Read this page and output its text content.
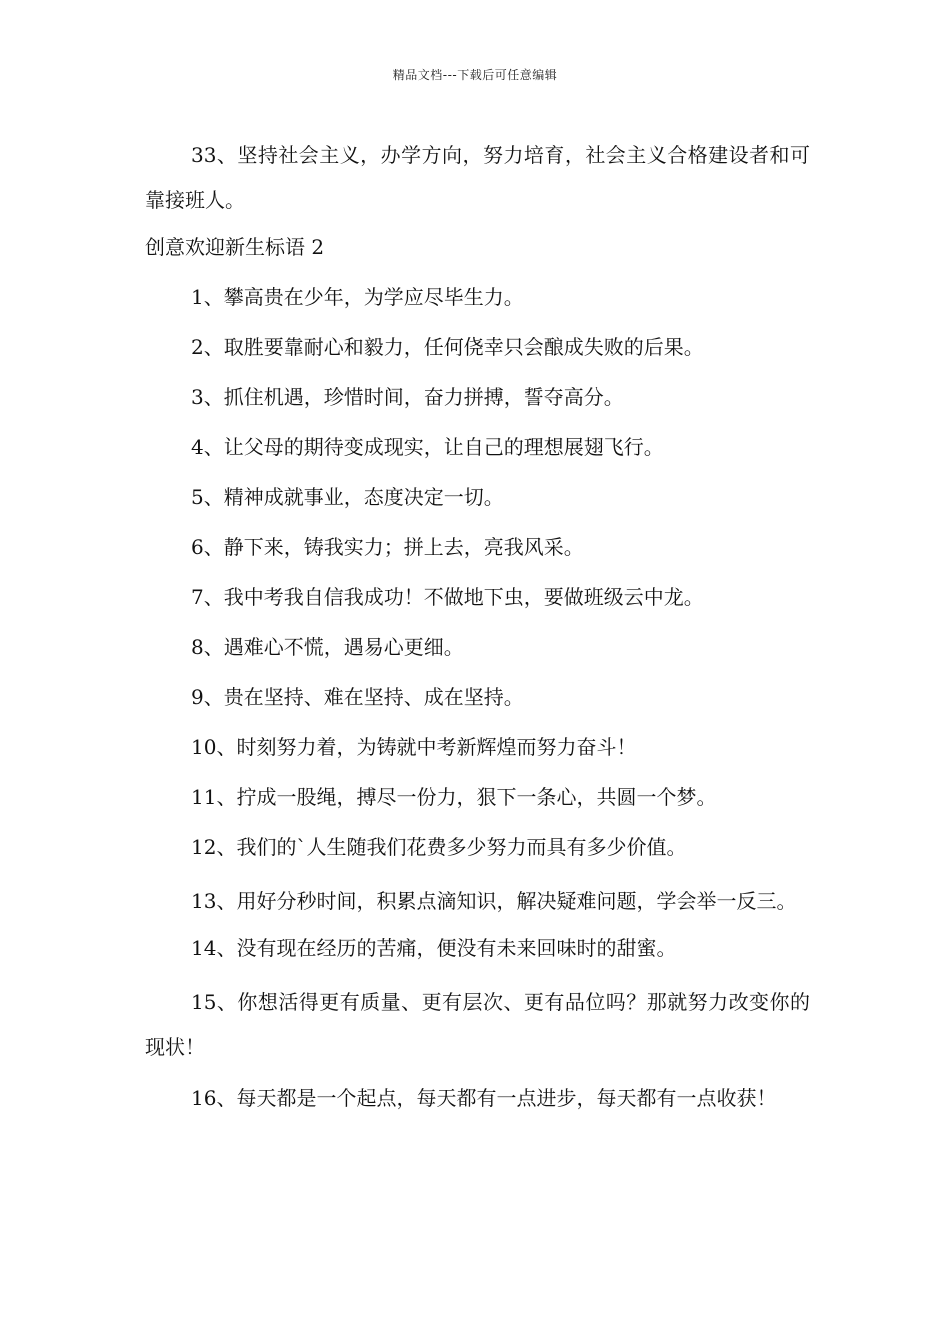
精品文档---下载后可任意编辑

33、坚持社会主义，办学方向，努力培育，社会主义合格建设者和可靠接班人。

创意欢迎新生标语 2

1、攀高贵在少年，为学应尽毕生力。

2、取胜要靠耐心和毅力，任何侥幸只会酿成失败的后果。

3、抓住机遇，珍惜时间，奋力拼搏，誓夺高分。

4、让父母的期待变成现实，让自己的理想展翅飞行。

5、精神成就事业，态度决定一切。

6、静下来，铸我实力；拼上去，亮我风采。

7、我中考我自信我成功！不做地下虫，要做班级云中龙。

8、遇难心不慌，遇易心更细。

9、贵在坚持、难在坚持、成在坚持。

10、时刻努力着，为铸就中考新辉煌而努力奋斗！

11、拧成一股绳，搏尽一份力，狠下一条心，共圆一个梦。

12、我们的`人生随我们花费多少努力而具有多少价值。

13、用好分秒时间，积累点滴知识，解决疑难问题，学会举一反三。

14、没有现在经历的苦痛，便没有未来回味时的甜蜜。

15、你想活得更有质量、更有层次、更有品位吗？那就努力改变你的现状！

16、每天都是一个起点，每天都有一点进步，每天都有一点收获！
